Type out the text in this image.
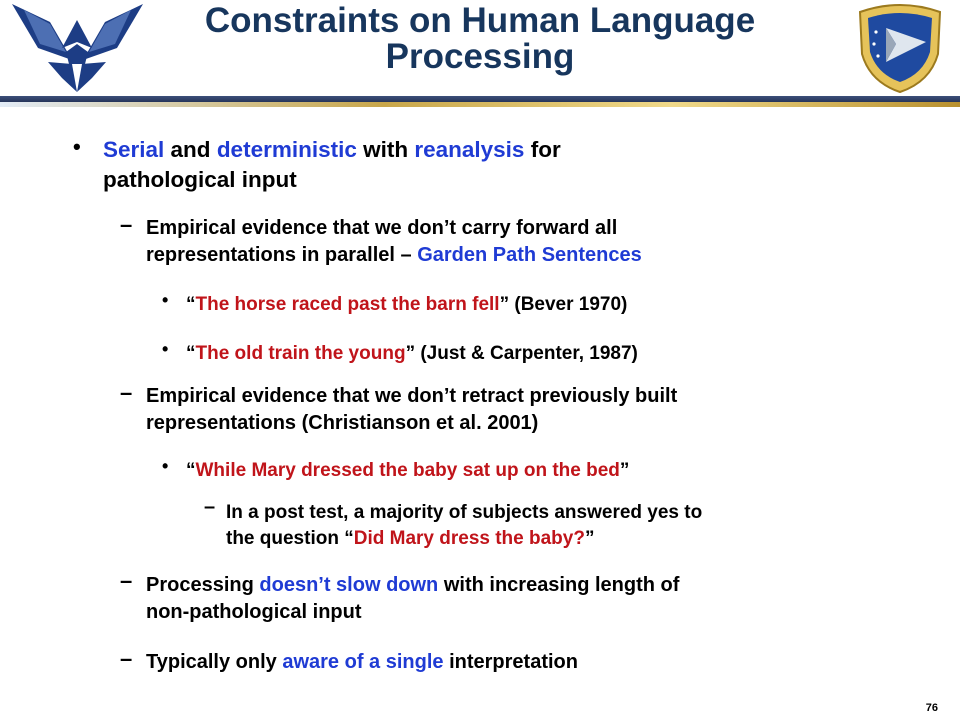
Constraints on Human Language
Processing
• Serial and deterministic with reanalysis for
pathological input
– Empirical evidence that we don’t carry forward all
representations in parallel – Garden Path Sentences
• “The horse raced past the barn fell” (Bever 1970)
• “The old train the young” (Just & Carpenter, 1987)
– Empirical evidence that we don’t retract previously built
representations (Christianson et al. 2001)
• “While Mary dressed the baby sat up on the bed”
– In a post test, a majority of subjects answered yes to
the question “Did Mary dress the baby?”
– Processing doesn’t slow down with increasing length of
non-pathological input
– Typically only aware of a single interpretation
76
